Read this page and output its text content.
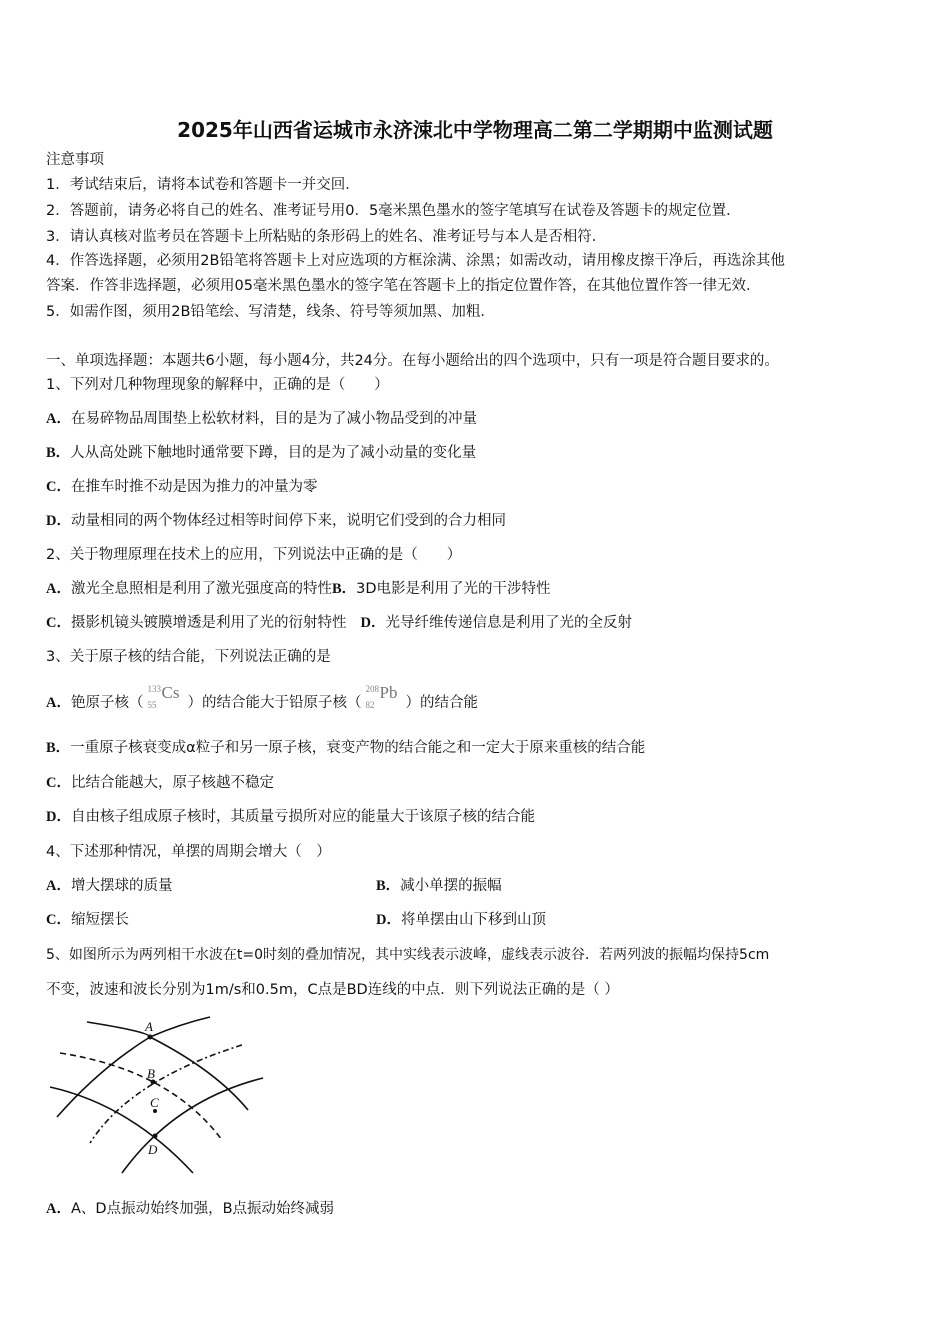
2025年山西省运城市永济涑北中学物理高二第二学期期中监测试题
注意事项
1．考试结束后，请将本试卷和答题卡一并交回．
2．答题前，请务必将自己的姓名、准考证号用0．5毫米黑色墨水的签字笔填写在试卷及答题卡的规定位置．
3．请认真核对监考员在答题卡上所粘贴的条形码上的姓名、准考证号与本人是否相符．
4．作答选择题，必须用2B铅笔将答题卡上对应选项的方框涂满、涂黑；如需改动，请用橡皮擦干净后，再选涂其他
答案．作答非选择题，必须用05毫米黑色墨水的签字笔在答题卡上的指定位置作答，在其他位置作答一律无效．
5．如需作图，须用2B铅笔绘、写清楚，线条、符号等须加黑、加粗．
一、单项选择题：本题共6小题，每小题4分，共24分。在每小题给出的四个选项中，只有一项是符合题目要求的。
1、下列对几种物理现象的解释中，正确的是（　　）
A．在易碎物品周围垫上松软材料，目的是为了减小物品受到的冲量
B．人从高处跳下触地时通常要下蹲，目的是为了减小动量的变化量
C．在推车时推不动是因为推力的冲量为零
D．动量相同的两个物体经过相等时间停下来，说明它们受到的合力相同
2、关于物理原理在技术上的应用，下列说法中正确的是（　　）
A．激光全息照相是利用了激光强度高的特性B．3D电影是利用了光的干涉特性
C．摄影机镜头镀膜增透是利用了光的衍射特性 D．光导纤维传递信息是利用了光的全反射
3、关于原子核的结合能，下列说法正确的是
A．铯原子核（
133
55
Cs
）的结合能大于铅原子核（
208
82
Pb
）的结合能
B．一重原子核衰变成α粒子和另一原子核，衰变产物的结合能之和一定大于原来重核的结合能
C．比结合能越大，原子核越不稳定
D．自由核子组成原子核时，其质量亏损所对应的能量大于该原子核的结合能
4、下述那种情况，单摆的周期会增大（　）
A．增大摆球的质量	B．减小单摆的振幅
C．缩短摆长	D．将单摆由山下移到山顶
5、如图所示为两列相干水波在t=0时刻的叠加情况，其中实线表示波峰，虚线表示波谷．若两列波的振幅均保持5cm
不变，波速和波长分别为1m/s和0.5m，C点是BD连线的中点．则下列说法正确的是（ ）
A
B
C
D
A．A、D点振动始终加强，B点振动始终减弱
